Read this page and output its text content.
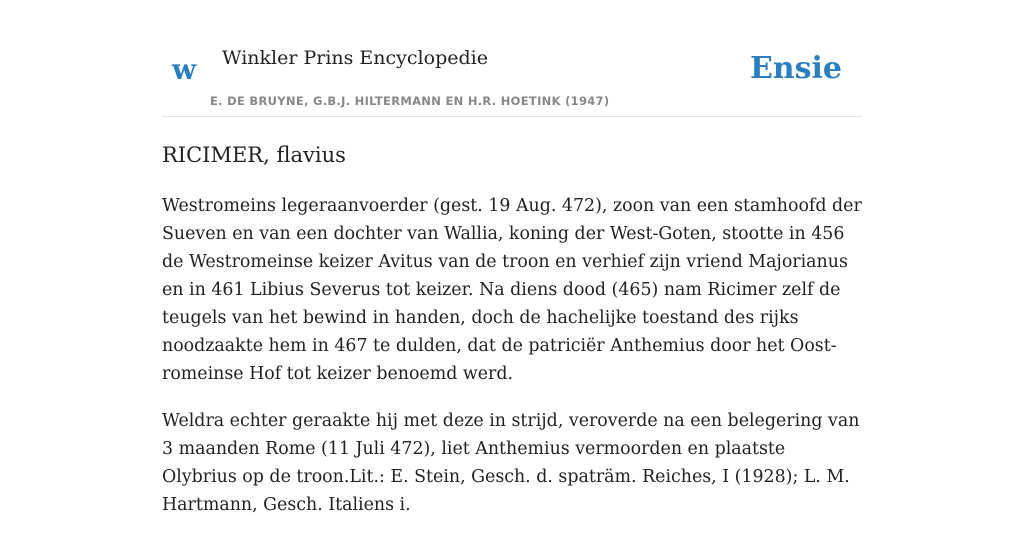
w Winkler Prins Encyclopedie
E. DE BRUYNE, G.B.J. HILTERMANN EN H.R. HOETINK (1947)
Ensie
RICIMER, flavius

Westromeins legeraanvoerder (gest. 19 Aug. 472), zoon van een stamhoofd der Sueven en van een dochter van Wallia, koning der West-Goten, stootte in 456 de Westromeinse keizer Avitus van de troon en verhief zijn vriend Majorianus en in 461 Libius Severus tot keizer. Na diens dood (465) nam Ricimer zelf de teugels van het bewind in handen, doch de hachelijke toestand des rijks noodzaakte hem in 467 te dulden, dat de patriciër Anthemius door het Oost-romeinse Hof tot keizer benoemd werd.

Weldra echter geraakte hij met deze in strijd, veroverde na een belegering van 3 maanden Rome (11 Juli 472), liet Anthemius vermoorden en plaatste Olybrius op de troon.Lit.: E. Stein, Gesch. d. spaträm. Reiches, I (1928); L. M. Hartmann, Gesch. Italiens i.
